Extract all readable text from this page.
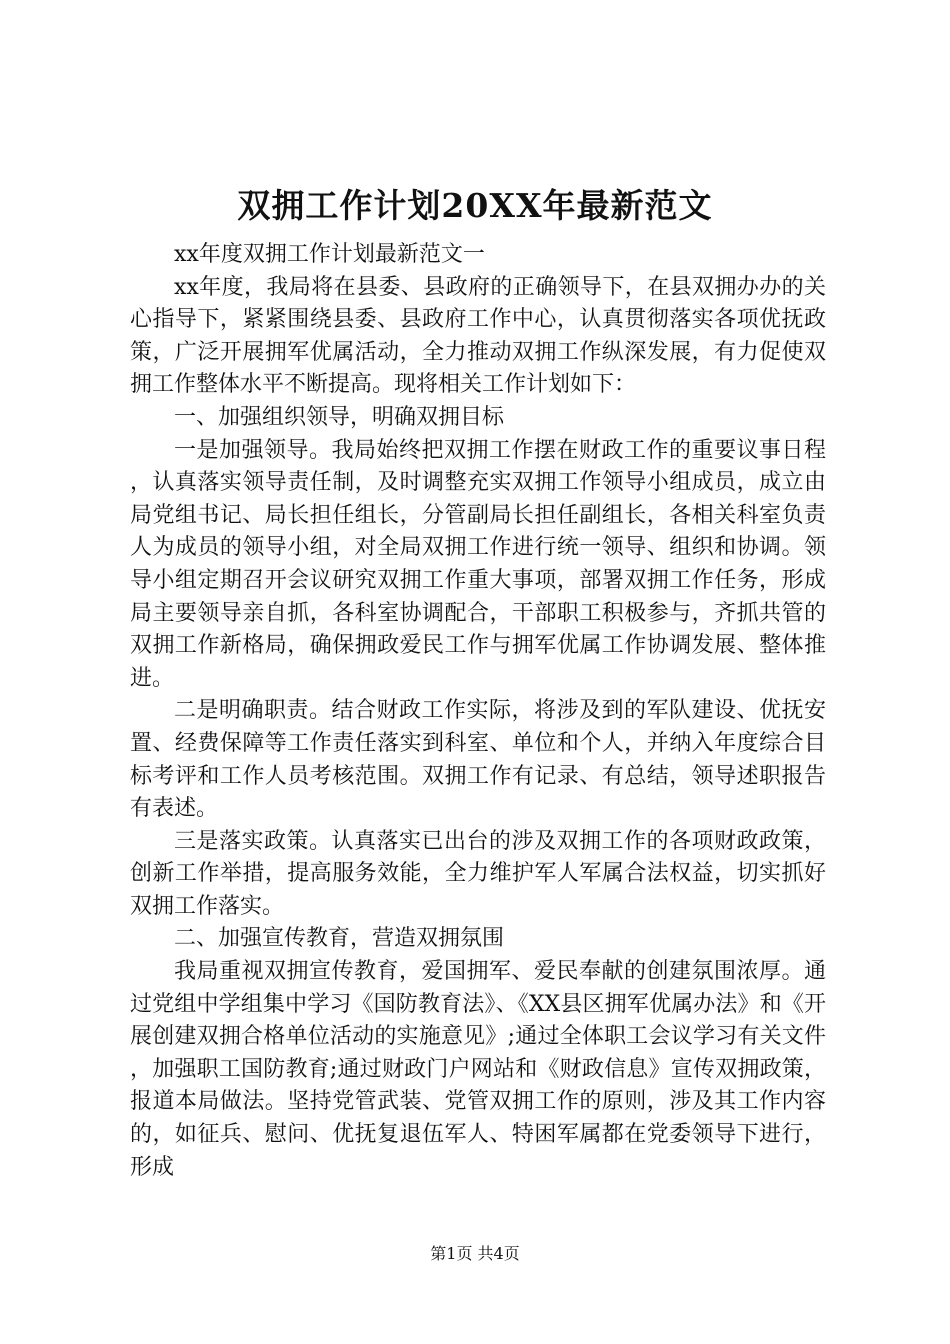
双拥工作计划20XX年最新范文

xx年度双拥工作计划最新范文一

xx年度，我局将在县委、县政府的正确领导下，在县双拥办办的关心指导下，紧紧围绕县委、县政府工作中心，认真贯彻落实各项优抚政策，广泛开展拥军优属活动，全力推动双拥工作纵深发展，有力促使双拥工作整体水平不断提高。现将相关工作计划如下：

一、加强组织领导，明确双拥目标

一是加强领导。我局始终把双拥工作摆在财政工作的重要议事日程，认真落实领导责任制，及时调整充实双拥工作领导小组成员，成立由局党组书记、局长担任组长，分管副局长担任副组长，各相关科室负责人为成员的领导小组，对全局双拥工作进行统一领导、组织和协调。领导小组定期召开会议研究双拥工作重大事项，部署双拥工作任务，形成局主要领导亲自抓，各科室协调配合，干部职工积极参与，齐抓共管的双拥工作新格局，确保拥政爱民工作与拥军优属工作协调发展、整体推进。

二是明确职责。结合财政工作实际，将涉及到的军队建设、优抚安置、经费保障等工作责任落实到科室、单位和个人，并纳入年度综合目标考评和工作人员考核范围。双拥工作有记录、有总结，领导述职报告有表述。

三是落实政策。认真落实已出台的涉及双拥工作的各项财政政策，创新工作举措，提高服务效能，全力维护军人军属合法权益，切实抓好双拥工作落实。

二、加强宣传教育，营造双拥氛围

我局重视双拥宣传教育，爱国拥军、爱民奉献的创建氛围浓厚。通过党组中学组集中学习《国防教育法》、《XX县区拥军优属办法》和《开展创建双拥合格单位活动的实施意见》;通过全体职工会议学习有关文件，加强职工国防教育;通过财政门户网站和《财政信息》宣传双拥政策，报道本局做法。坚持党管武装、党管双拥工作的原则，涉及其工作内容的，如征兵、慰问、优抚复退伍军人、特困军属都在党委领导下进行，形成

第1页 共4页
